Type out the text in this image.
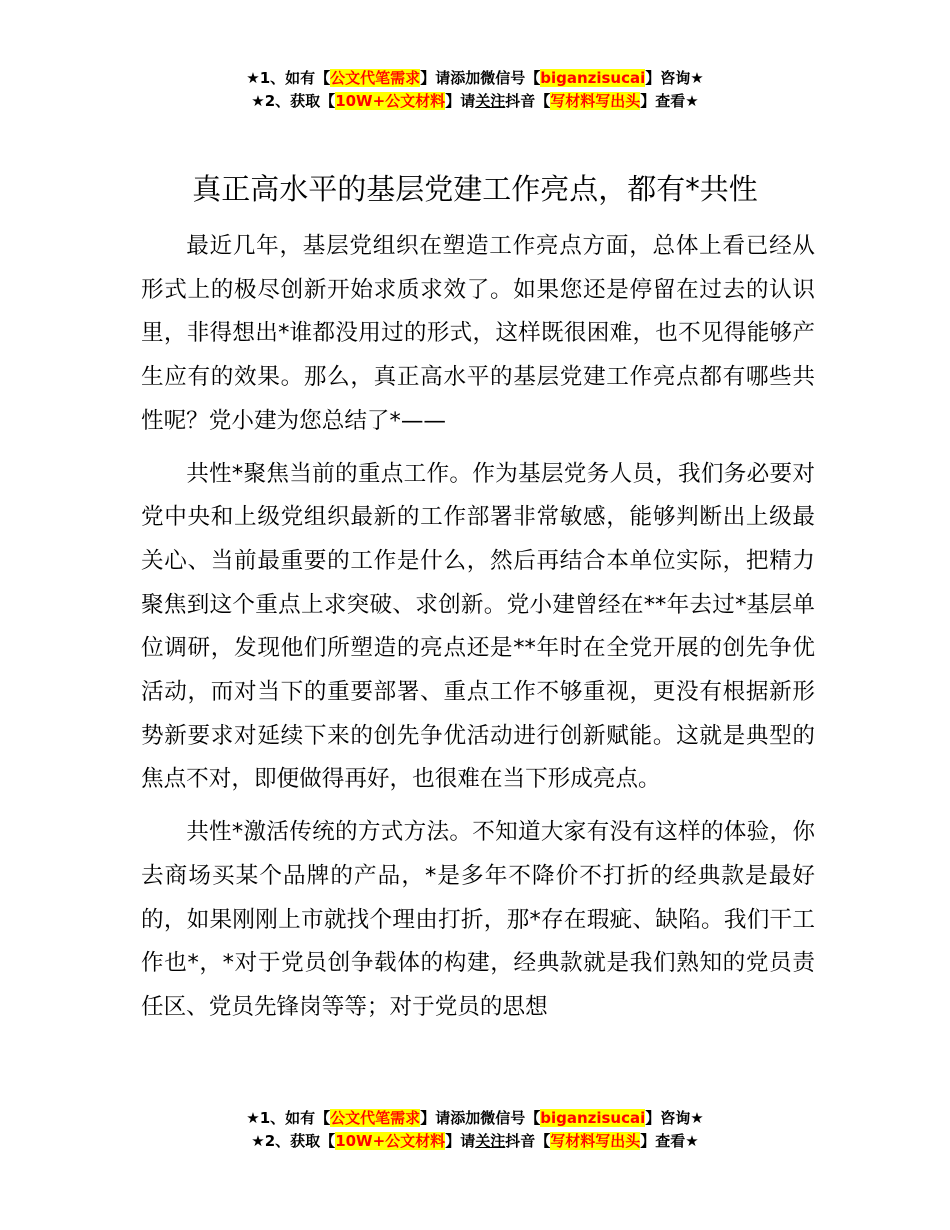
★1、如有【公文代笔需求】请添加微信号【biganzisucai】咨询★
★2、获取【10W+公文材料】请关注抖音【写材料写出头】查看★
真正高水平的基层党建工作亮点，都有*共性

最近几年，基层党组织在塑造工作亮点方面，总体上看已经从形式上的极尽创新开始求质求效了。如果您还是停留在过去的认识里，非得想出*谁都没用过的形式，这样既很困难，也不见得能够产生应有的效果。那么，真正高水平的基层党建工作亮点都有哪些共性呢？党小建为您总结了*——

共性*聚焦当前的重点工作。作为基层党务人员，我们务必要对党中央和上级党组织最新的工作部署非常敏感，能够判断出上级最关心、当前最重要的工作是什么，然后再结合本单位实际，把精力聚焦到这个重点上求突破、求创新。党小建曾经在**年去过*基层单位调研，发现他们所塑造的亮点还是**年时在全党开展的创先争优活动，而对当下的重要部署、重点工作不够重视，更没有根据新形势新要求对延续下来的创先争优活动进行创新赋能。这就是典型的焦点不对，即便做得再好，也很难在当下形成亮点。

共性*激活传统的方式方法。不知道大家有没有这样的体验，你去商场买某个品牌的产品，*是多年不降价不打折的经典款是最好的，如果刚刚上市就找个理由打折，那*存在瑕疵、缺陷。我们干工作也*，*对于党员创争载体的构建，经典款就是我们熟知的党员责任区、党员先锋岗等等；对于党员的思想

★1、如有【公文代笔需求】请添加微信号【biganzisucai】咨询★
★2、获取【10W+公文材料】请关注抖音【写材料写出头】查看★
